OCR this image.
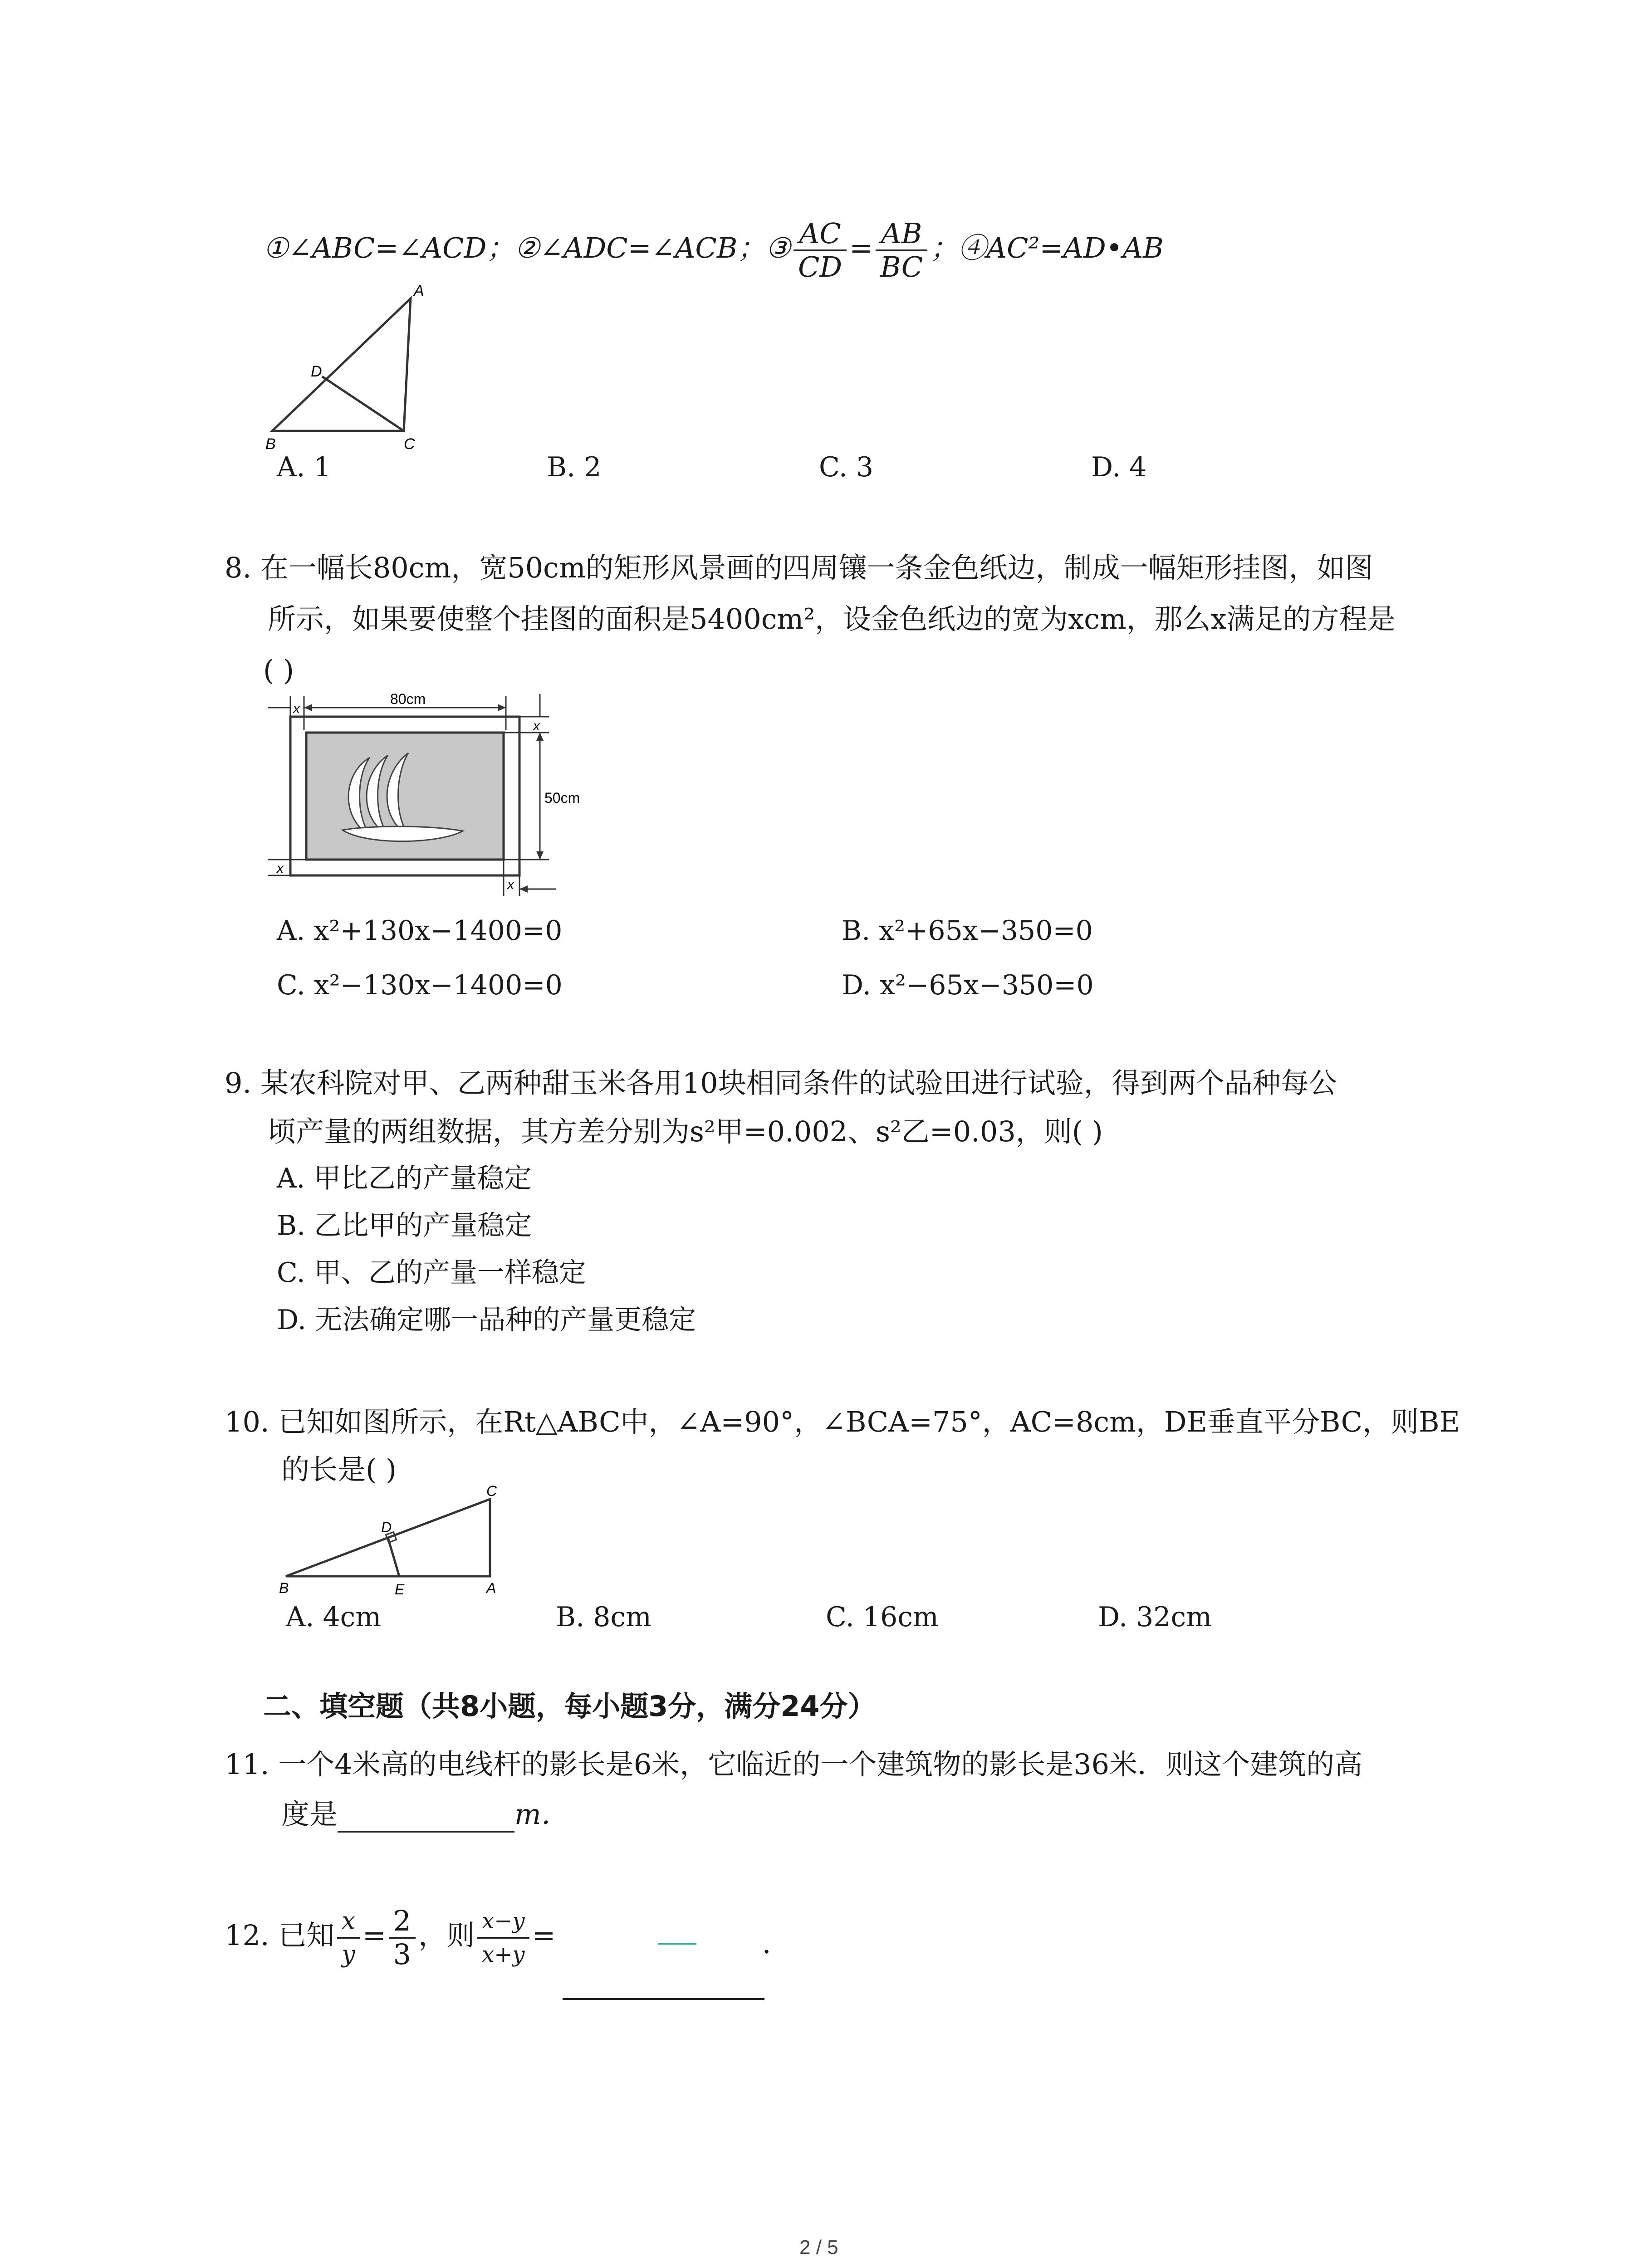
①∠ABC=∠ACD；②∠ADC=∠ACB；③ $\frac{AC}{CD} = \frac{AB}{BC}$ ；④AC²=AD•AB
A
B	C
D
A. 1	B. 2	C. 3	D. 4
8. 在一幅长80cm，宽50cm的矩形风景画的四周镶一条金色纸边，制成一幅矩形挂图，如图
所示，如果要使整个挂图的面积是5400cm²，设金色纸边的宽为xcm，那么x满足的方程是
( )
80cm
x
50cm
x
x
x
A. x²+130x−1400=0	B. x²+65x−350=0
C. x²−130x−1400=0	D. x²−65x−350=0
9. 某农科院对甲、乙两种甜玉米各用10块相同条件的试验田进行试验，得到两个品种每公
顷产量的两组数据，其方差分别为s²甲=0.002、s²乙=0.03，则( )
A. 甲比乙的产量稳定
B. 乙比甲的产量稳定
C. 甲、乙的产量一样稳定
D. 无法确定哪一品种的产量更稳定
10. 已知如图所示，在Rt△ABC中，∠A=90°，∠BCA=75°，AC=8cm，DE垂直平分BC，则BE
的长是( )
C
B	A
D
E
A. 4cm	B. 8cm	C. 16cm	D. 32cm
二、填空题（共8小题，每小题3分，满分24分）
11. 一个4米高的电线杆的影长是6米，它临近的一个建筑物的影长是36米．则这个建筑的高
度是	m．
12. 已知 $\frac{x}{y} = \frac{2}{3}$ ，则 $\frac{x-y}{x+y}$ =	．
2 / 5
